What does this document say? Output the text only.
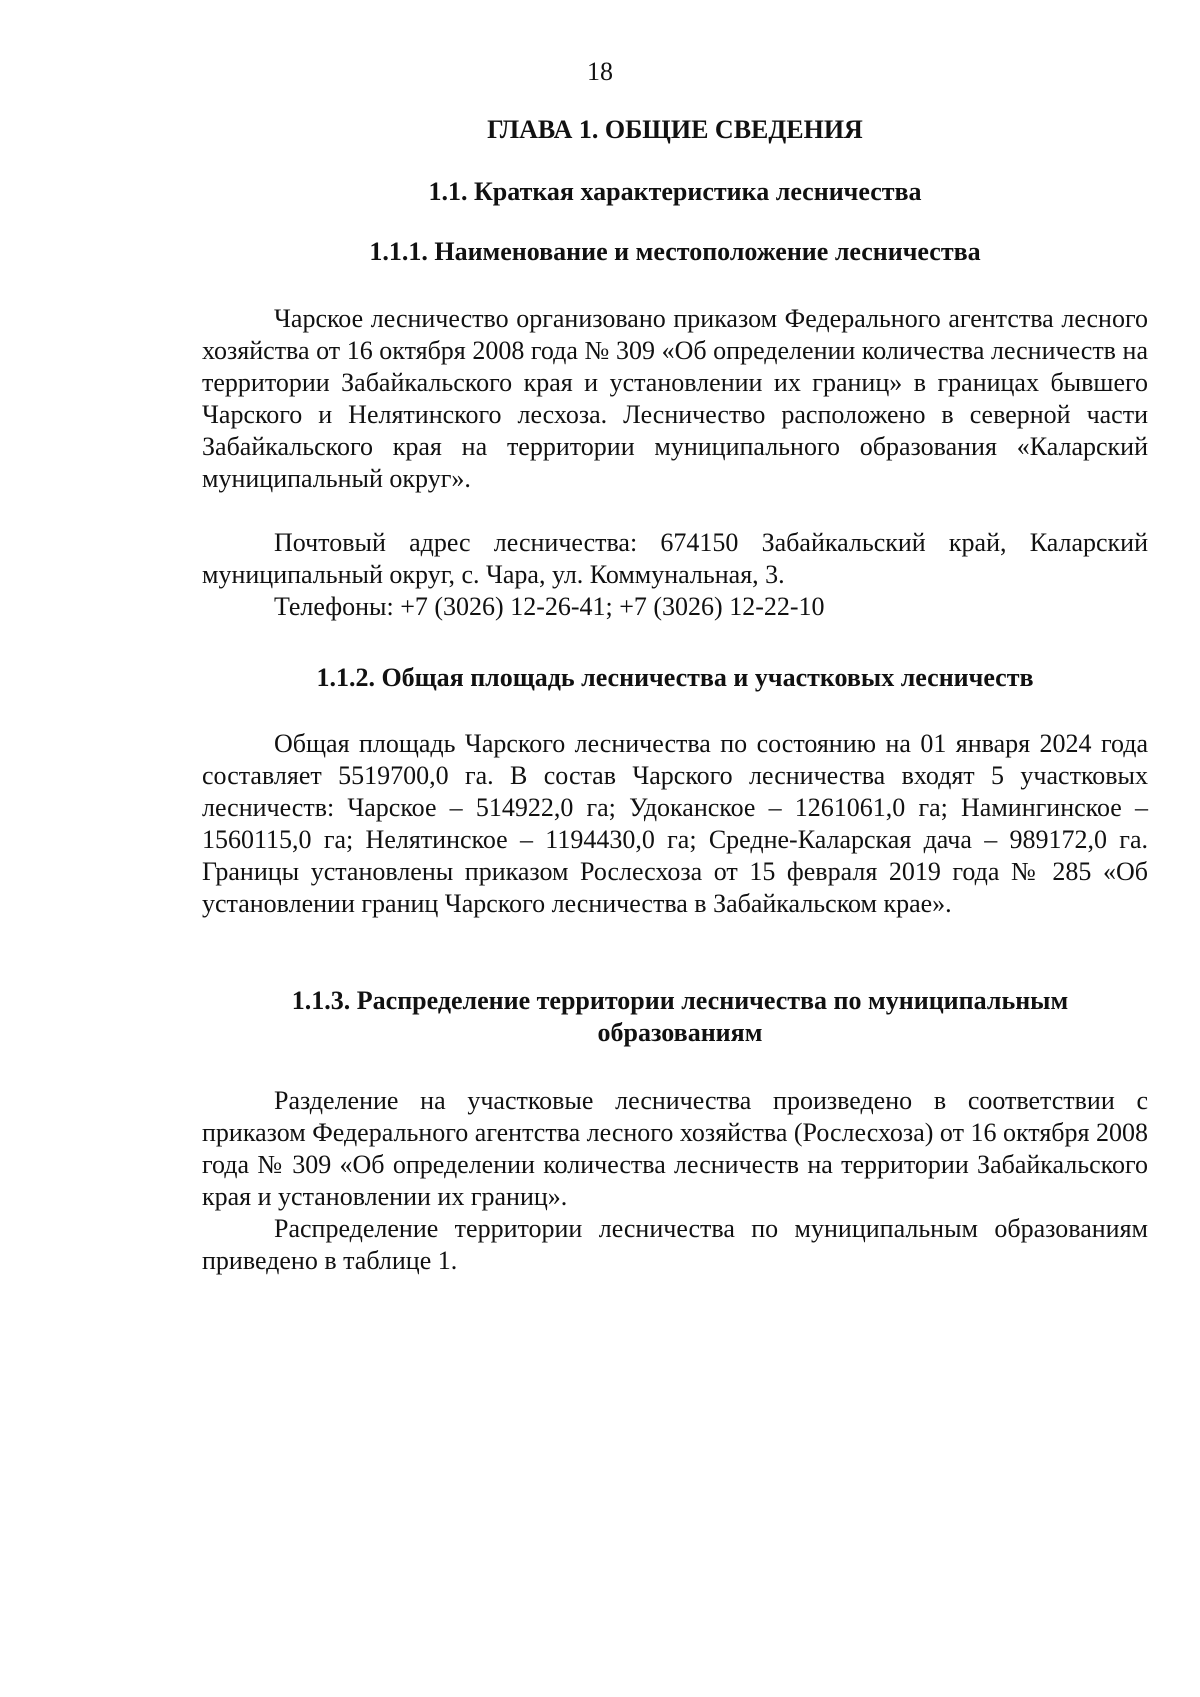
18
ГЛАВА 1. ОБЩИЕ СВЕДЕНИЯ
1.1. Краткая характеристика лесничества
1.1.1. Наименование и местоположение лесничества

Чарское лесничество организовано приказом Федерального агентства лесного хозяйства от 16 октября 2008 года № 309 «Об определении количества лесничеств на территории Забайкальского края и установлении их границ» в границах бывшего Чарского и Нелятинского лесхоза. Лесничество расположено в северной части Забайкальского края на территории муниципального образования «Каларский муниципальный округ».

Почтовый адрес лесничества: 674150 Забайкальский край, Каларский муниципальный округ, с. Чара, ул. Коммунальная, 3.

Телефоны: +7 (3026) 12-26-41; +7 (3026) 12-22-10

1.1.2. Общая площадь лесничества и участковых лесничеств

Общая площадь Чарского лесничества по состоянию на 01 января 2024 года составляет 5519700,0 га. В состав Чарского лесничества входят 5 участковых лесничеств: Чарское – 514922,0 га; Удоканское – 1261061,0 га; Намингинское – 1560115,0 га; Нелятинское – 1194430,0 га; Средне-Каларская дача – 989172,0 га. Границы установлены приказом Рослесхоза от 15 февраля 2019 года № 285 «Об установлении границ Чарского лесничества в Забайкальском крае».

1.1.3. Распределение территории лесничества по муниципальным
образованиям

Разделение на участковые лесничества произведено в соответствии с приказом Федерального агентства лесного хозяйства (Рослесхоза) от 16 октября 2008 года № 309 «Об определении количества лесничеств на территории Забайкальского края и установлении их границ».

Распределение территории лесничества по муниципальным образованиям приведено в таблице 1.
